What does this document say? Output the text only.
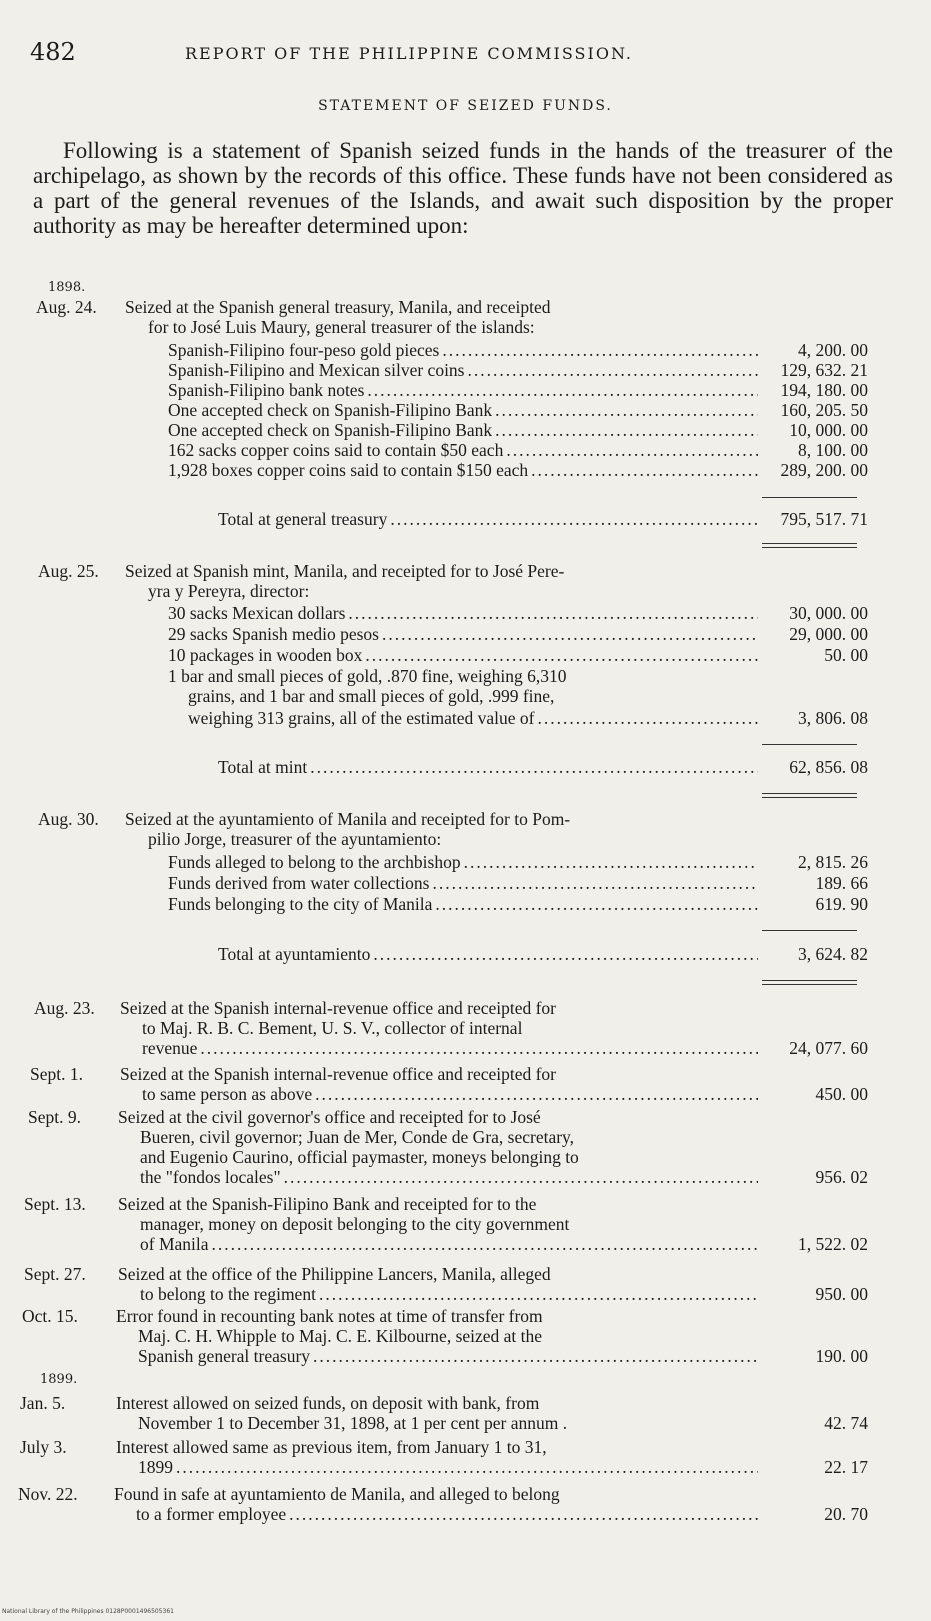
482	REPORT OF THE PHILIPPINE COMMISSION.
STATEMENT OF SEIZED FUNDS.
Following is a statement of Spanish seized funds in the hands of the treasurer of the archipelago, as shown by the records of this office. These funds have not been considered as a part of the general revenues of the Islands, and await such disposition by the proper authority as may be hereafter determined upon:
1898.
Aug. 24. Seized at the Spanish general treasury, Manila, and receipted
for to José Luis Maury, general treasurer of the islands:
Spanish-Filipino four-peso gold pieces .....	4, 200. 00
Spanish-Filipino and Mexican silver coins .....	129, 632. 21
Spanish-Filipino bank notes .....	194, 180. 00
One accepted check on Spanish-Filipino Bank .....	160, 205. 50
One accepted check on Spanish-Filipino Bank .....	10, 000. 00
162 sacks copper coins said to contain $50 each .....	8, 100. 00
1,928 boxes copper coins said to contain $150 each .....	289, 200. 00
Total at general treasury .....	795, 517. 71
Aug. 25. Seized at Spanish mint, Manila, and receipted for to José Pere-
yra y Pereyra, director:
30 sacks Mexican dollars .....	30, 000. 00
29 sacks Spanish medio pesos .....	29, 000. 00
10 packages in wooden box .....	50. 00
1 bar and small pieces of gold, .870 fine, weighing 6,310
grains, and 1 bar and small pieces of gold, .999 fine,
weighing 313 grains, all of the estimated value of .....	3, 806. 08
Total at mint .....	62, 856. 08
Aug. 30. Seized at the ayuntamiento of Manila and receipted for to Pom-
pilio Jorge, treasurer of the ayuntamiento:
Funds alleged to belong to the archbishop .....	2, 815. 26
Funds derived from water collections .....	189. 66
Funds belonging to the city of Manila .....	619. 90
Total at ayuntamiento .....	3, 624. 82
Aug. 23. Seized at the Spanish internal-revenue office and receipted for
to Maj. R. B. C. Bement, U. S. V., collector of internal
revenue .....	24, 077. 60
Sept. 1. Seized at the Spanish internal-revenue office and receipted for
to same person as above .....	450. 00
Sept. 9. Seized at the civil governor's office and receipted for to José
Bueren, civil governor; Juan de Mer, Conde de Gra, secretary,
and Eugenio Caurino, official paymaster, moneys belonging to
the "fondos locales" .....	956. 02
Sept. 13. Seized at the Spanish-Filipino Bank and receipted for to the
manager, money on deposit belonging to the city government
of Manila .....	1, 522. 02
Sept. 27. Seized at the office of the Philippine Lancers, Manila, alleged
to belong to the regiment .....	950. 00
Oct. 15. Error found in recounting bank notes at time of transfer from
Maj. C. H. Whipple to Maj. C. E. Kilbourne, seized at the
Spanish general treasury .....	190. 00
1899.
Jan. 5.	Interest allowed on seized funds, on deposit with bank, from
November 1 to December 31, 1898, at 1 per cent per annum .	42. 74
July 3.	Interest allowed same as previous item, from January 1 to 31,
1899 .....	22. 17
Nov. 22. Found in safe at ayuntamiento de Manila, and alleged to belong
to a former employee .....	20. 70
National Library of the Philippines 0128P0001496505361
